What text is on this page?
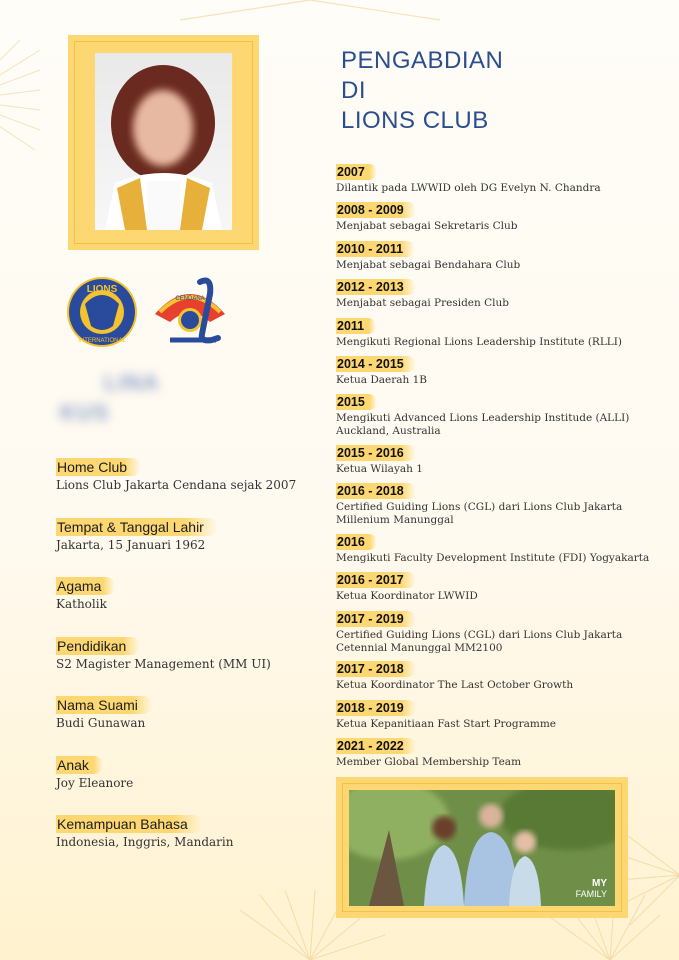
LIONS
INTERNATIONAL
CENDANA
LINA
KUS
Home Club
Lions Club Jakarta Cendana sejak 2007
Tempat & Tanggal Lahir
Jakarta, 15 Januari 1962
Agama
Katholik
Pendidikan
S2 Magister Management (MM UI)
Nama Suami
Budi Gunawan
Anak
Joy Eleanore
Kemampuan Bahasa
Indonesia, Inggris, Mandarin
PENGABDIAN
DI
LIONS CLUB
2007
Dilantik pada LWWID oleh DG Evelyn N. Chandra
2008 - 2009
Menjabat sebagai Sekretaris Club
2010 - 2011
Menjabat sebagai Bendahara Club
2012 - 2013
Menjabat sebagai Presiden Club
2011
Mengikuti Regional Lions Leadership Institute (RLLI)
2014 - 2015
Ketua Daerah 1B
2015
Mengikuti Advanced Lions Leadership Institude (ALLI)
Auckland, Australia
2015 - 2016
Ketua Wilayah 1
2016 - 2018
Certified Guiding Lions (CGL) dari Lions Club Jakarta
Millenium Manunggal
2016
Mengikuti Faculty Development Institute (FDI) Yogyakarta
2016 - 2017
Ketua Koordinator LWWID
2017 - 2019
Certified Guiding Lions (CGL) dari Lions Club Jakarta
Cetennial Manunggal MM2100
2017 - 2018
Ketua Koordinator The Last October Growth
2018 - 2019
Ketua Kepanitiaan Fast Start Programme
2021 - 2022
Member Global Membership Team
MY
FAMILY
